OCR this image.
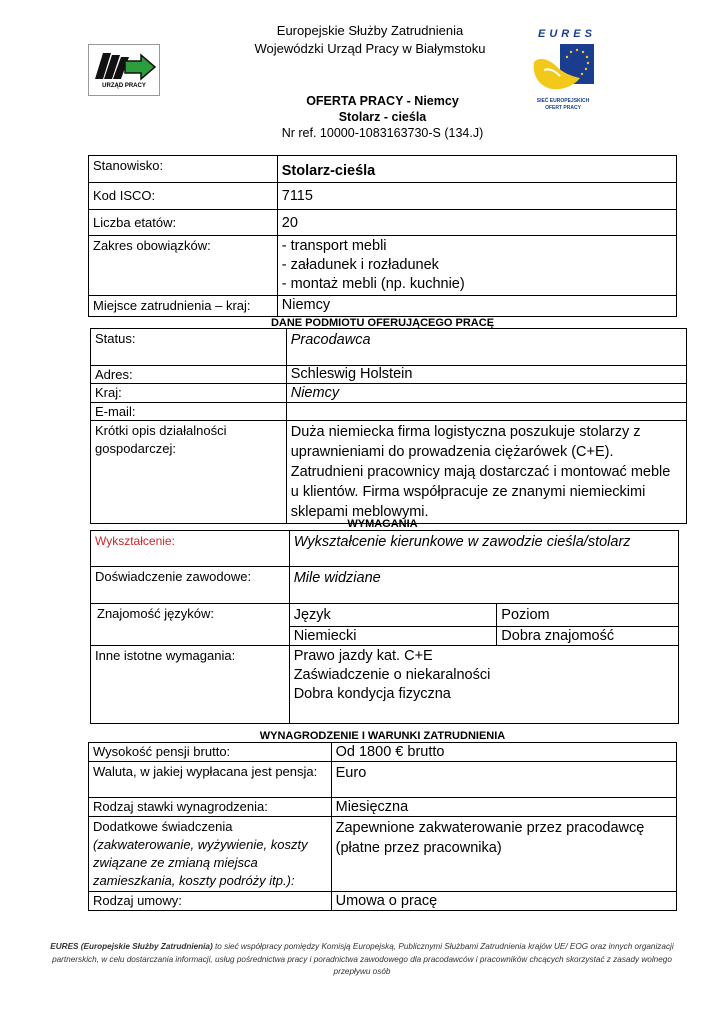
URZĄD PRACY
Europejskie Służby Zatrudnienia
Wojewódzki Urząd Pracy w Białymstoku
EURES
SIEĆ EUROPEJSKICH
OFERT PRACY
OFERTA PRACY - Niemcy
Stolarz - cieśla
Nr ref. 10000-1083163730-S (134.J)
Stanowisko:	Stolarz-cieśla
Kod ISCO:	7115
Liczba etatów:	20
Zakres obowiązków:	- transport mebli
- załadunek i rozładunek
- montaż mebli (np. kuchnie)

Miejsce zatrudnienia – kraj:	Niemcy
DANE PODMIOTU OFERUJĄCEGO PRACĘ
Status:	Pracodawca
Adres:	Schleswig Holstein
Kraj:	Niemcy
E-mail:	
Krótki opis działalności gospodarczej:	Duża niemiecka firma logistyczna poszukuje stolarzy z uprawnieniami do prowadzenia ciężarówek (C+E). Zatrudnieni pracownicy mają dostarczać i montować meble u klientów. Firma współpracuje ze znanymi niemieckimi sklepami meblowymi.
WYMAGANIA
Wykształcenie:	Wykształcenie kierunkowe w zawodzie cieśla/stolarz	
Doświadczenie zawodowe:	Mile widziane	
Znajomość języków:	Język	Poziom
	Niemiecki	Dobra znajomość
Inne istotne wymagania:	Prawo jazdy kat. C+E
Zaświadczenie o niekaralności
Dobra kondycja fizyczna	
WYNAGRODZENIE I WARUNKI ZATRUDNIENIA
Wysokość pensji brutto:	Od 1800 € brutto
Waluta, w jakiej wypłacana jest pensja:	Euro
Rodzaj stawki wynagrodzenia:	Miesięczna
Dodatkowe świadczenia
(zakwaterowanie, wyżywienie, koszty związane ze zmianą miejsca zamieszkania, koszty podróży itp.):	Zapewnione zakwaterowanie przez pracodawcę (płatne przez pracownika)
Rodzaj umowy:	Umowa o pracę
EURES (Europejskie Służby Zatrudnienia) to sieć współpracy pomiędzy Komisją Europejską, Publicznymi Służbami Zatrudnienia krajów UE/ EOG oraz innych organizacji partnerskich, w celu dostarczania informacji, usług pośrednictwa pracy i poradnictwa zawodowego dla pracodawców i pracowników chcących skorzystać z zasady wolnego przepływu osób
